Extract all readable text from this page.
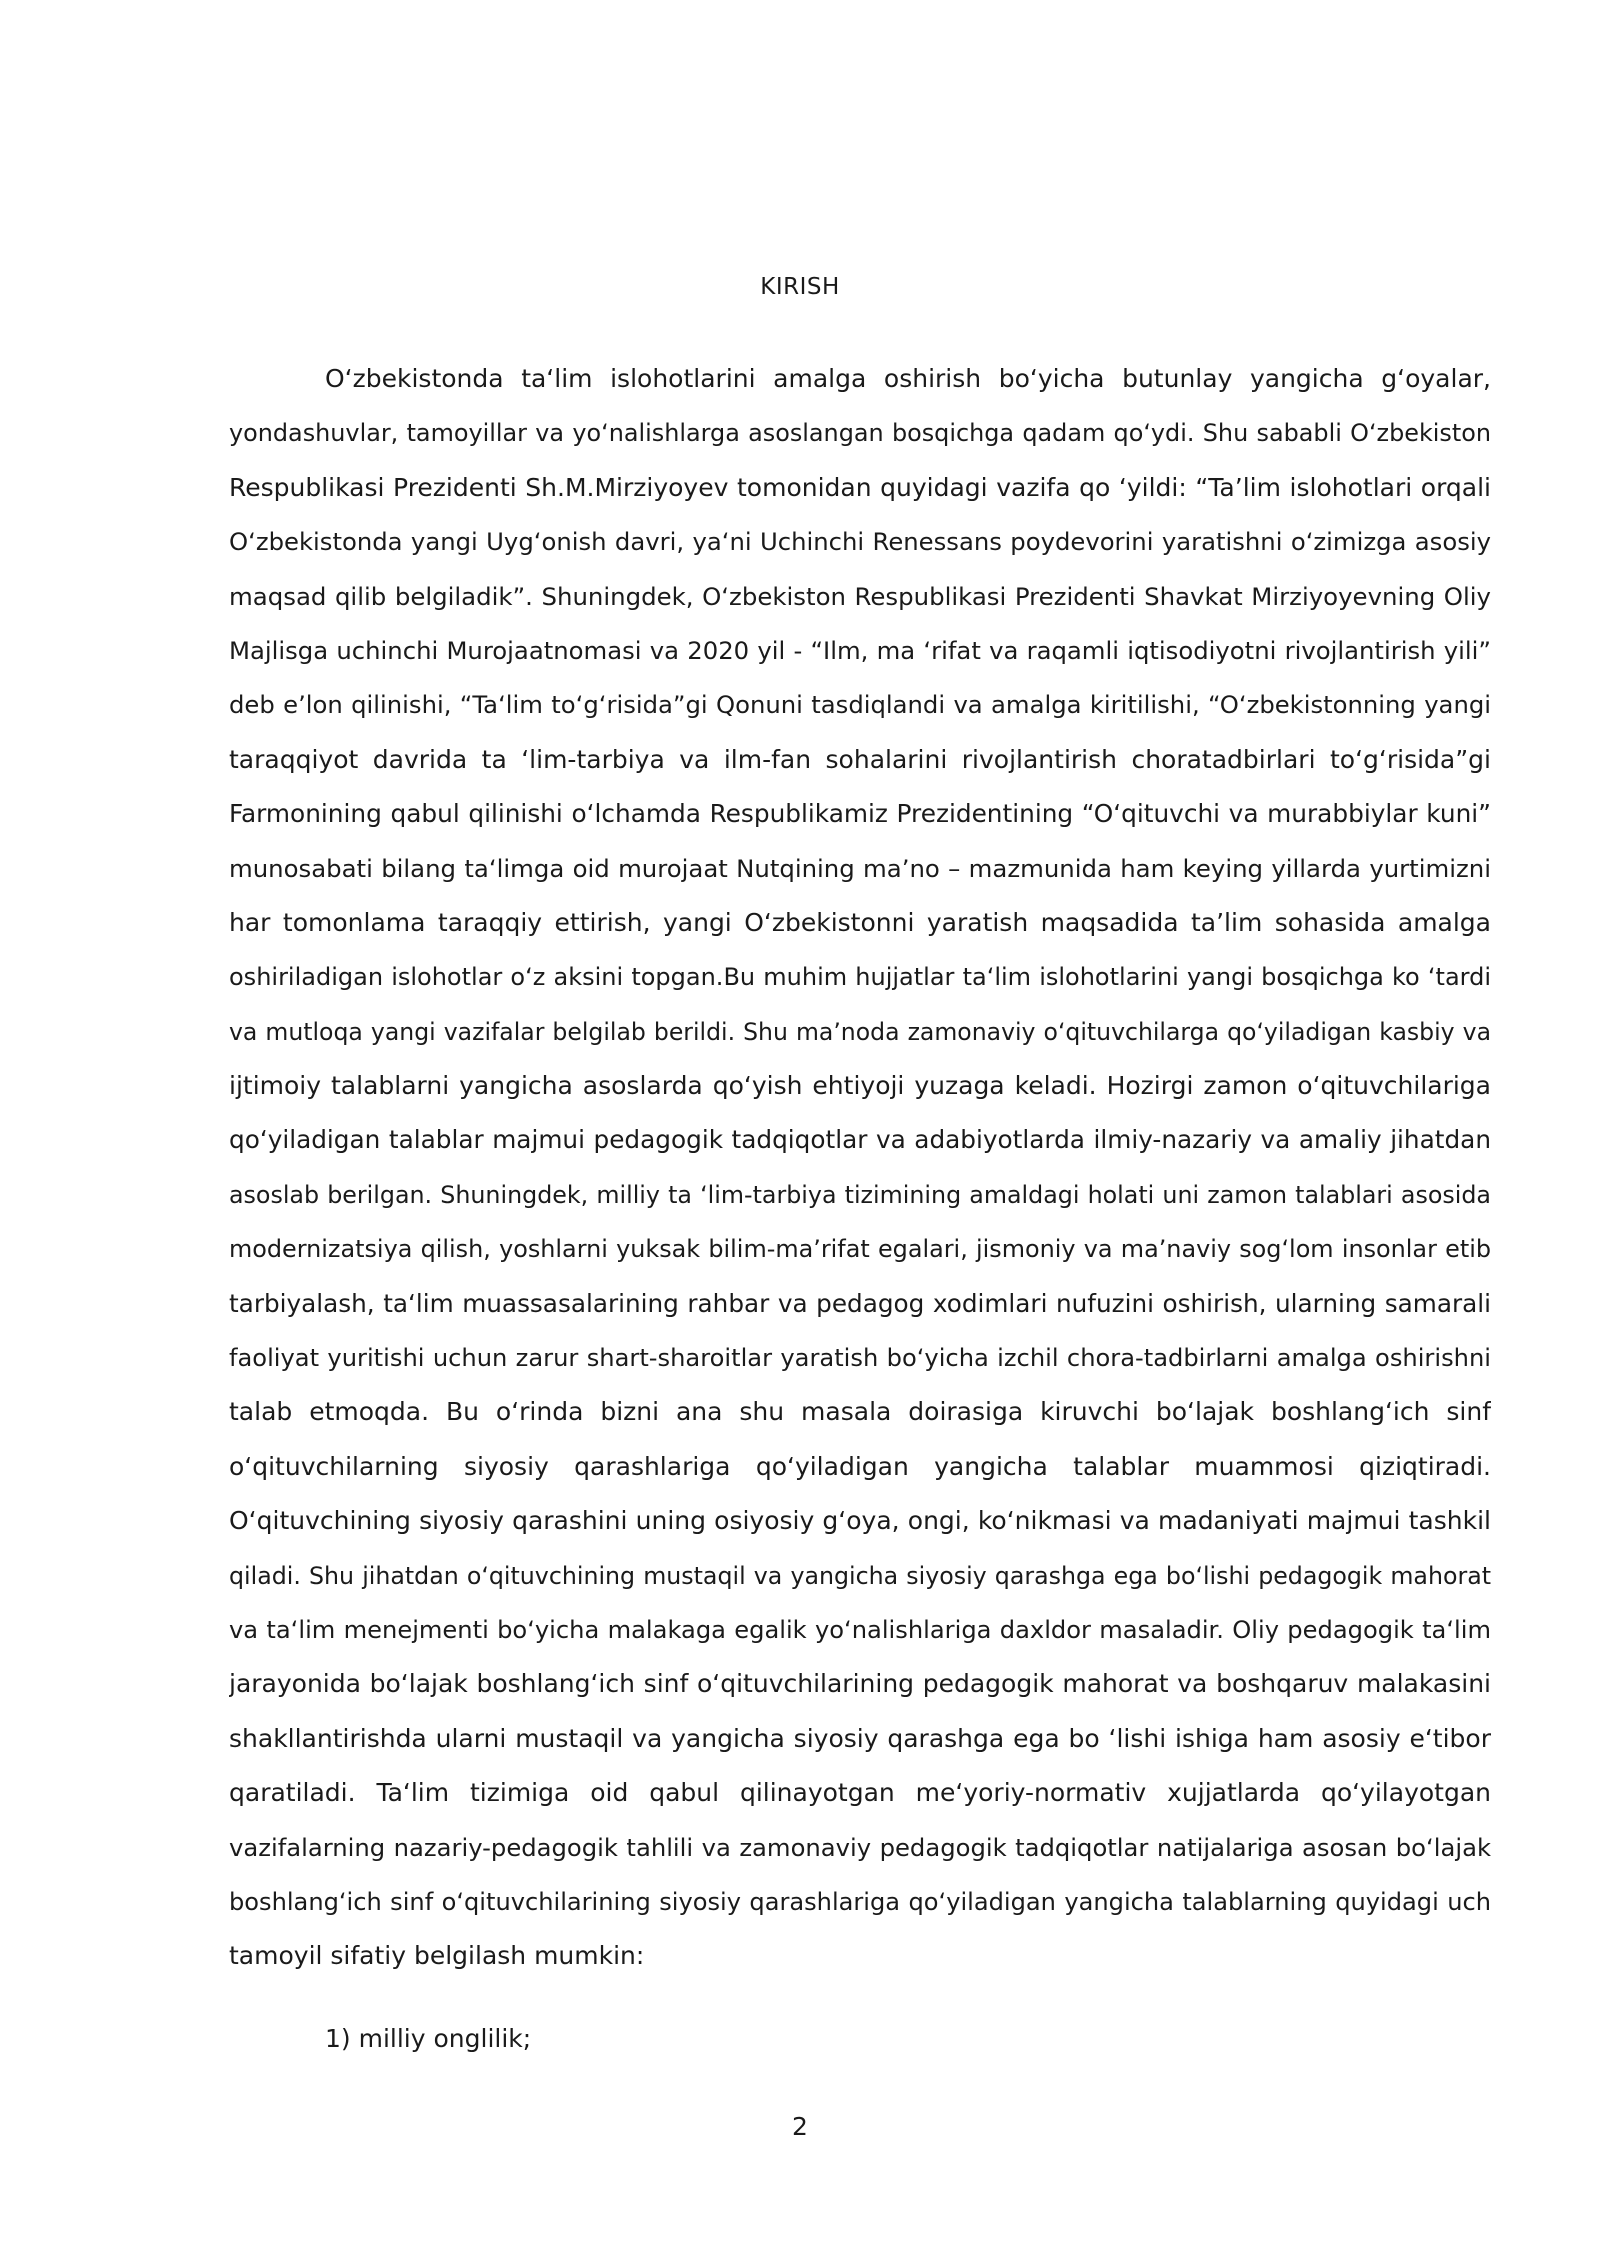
KIRISH
O‘zbekistonda ta‘lim islohotlarini amalga oshirish bo‘yicha butunlay yangicha g‘oyalar,
yondashuvlar, tamoyillar va yo‘nalishlarga asoslangan bosqichga qadam qo‘ydi. Shu sababli O‘zbekiston
Respublikasi Prezidenti Sh.M.Mirziyoyev tomonidan quyidagi vazifa qo ‘yildi: “Ta’lim islohotlari orqali
O‘zbekistonda yangi Uyg‘onish davri, ya‘ni Uchinchi Renessans poydevorini yaratishni o‘zimizga asosiy
maqsad qilib belgiladik”. Shuningdek, O‘zbekiston Respublikasi Prezidenti Shavkat Mirziyoyevning Oliy
Majlisga uchinchi Murojaatnomasi va 2020 yil - “Ilm, ma ‘rifat va raqamli iqtisodiyotni rivojlantirish yili”
deb e’lon qilinishi, “Ta‘lim to‘g‘risida”gi Qonuni tasdiqlandi va amalga kiritilishi, “O‘zbekistonning yangi
taraqqiyot davrida ta ‘lim-tarbiya va ilm-fan sohalarini rivojlantirish choratadbirlari to‘g‘risida”gi
Farmonining qabul qilinishi o‘lchamda Respublikamiz Prezidentining “O‘qituvchi va murabbiylar kuni”
munosabati bilang ta‘limga oid murojaat Nutqining ma’no – mazmunida ham keying yillarda yurtimizni
har tomonlama taraqqiy ettirish, yangi O‘zbekistonni yaratish maqsadida ta’lim sohasida amalga
oshiriladigan islohotlar o‘z aksini topgan.Bu muhim hujjatlar ta‘lim islohotlarini yangi bosqichga ko ‘tardi
va mutloqa yangi vazifalar belgilab berildi. Shu ma’noda zamonaviy o‘qituvchilarga qo‘yiladigan kasbiy va
ijtimoiy talablarni yangicha asoslarda qo‘yish ehtiyoji yuzaga keladi. Hozirgi zamon o‘qituvchilariga
qo‘yiladigan talablar majmui pedagogik tadqiqotlar va adabiyotlarda ilmiy-nazariy va amaliy jihatdan
asoslab berilgan. Shuningdek, milliy ta ‘lim-tarbiya tizimining amaldagi holati uni zamon talablari asosida
modernizatsiya qilish, yoshlarni yuksak bilim-ma’rifat egalari, jismoniy va ma’naviy sog‘lom insonlar etib
tarbiyalash, ta‘lim muassasalarining rahbar va pedagog xodimlari nufuzini oshirish, ularning samarali
faoliyat yuritishi uchun zarur shart-sharoitlar yaratish bo‘yicha izchil chora-tadbirlarni amalga oshirishni
talab etmoqda. Bu o‘rinda bizni ana shu masala doirasiga kiruvchi bo‘lajak boshlang‘ich sinf
o‘qituvchilarning siyosiy qarashlariga qo‘yiladigan yangicha talablar muammosi qiziqtiradi.
O‘qituvchining siyosiy qarashini uning osiyosiy g‘oya, ongi, ko‘nikmasi va madaniyati majmui tashkil
qiladi. Shu jihatdan o‘qituvchining mustaqil va yangicha siyosiy qarashga ega bo‘lishi pedagogik mahorat
va ta‘lim menejmenti bo‘yicha malakaga egalik yo‘nalishlariga daxldor masaladir. Oliy pedagogik ta‘lim
jarayonida bo‘lajak boshlang‘ich sinf o‘qituvchilarining pedagogik mahorat va boshqaruv malakasini
shakllantirishda ularni mustaqil va yangicha siyosiy qarashga ega bo ‘lishi ishiga ham asosiy e‘tibor
qaratiladi. Ta‘lim tizimiga oid qabul qilinayotgan me‘yoriy-normativ xujjatlarda qo‘yilayotgan
vazifalarning nazariy-pedagogik tahlili va zamonaviy pedagogik tadqiqotlar natijalariga asosan bo‘lajak
boshlang‘ich sinf o‘qituvchilarining siyosiy qarashlariga qo‘yiladigan yangicha talablarning quyidagi uch
tamoyil sifatiy belgilash mumkin:
1) milliy onglilik;
2
